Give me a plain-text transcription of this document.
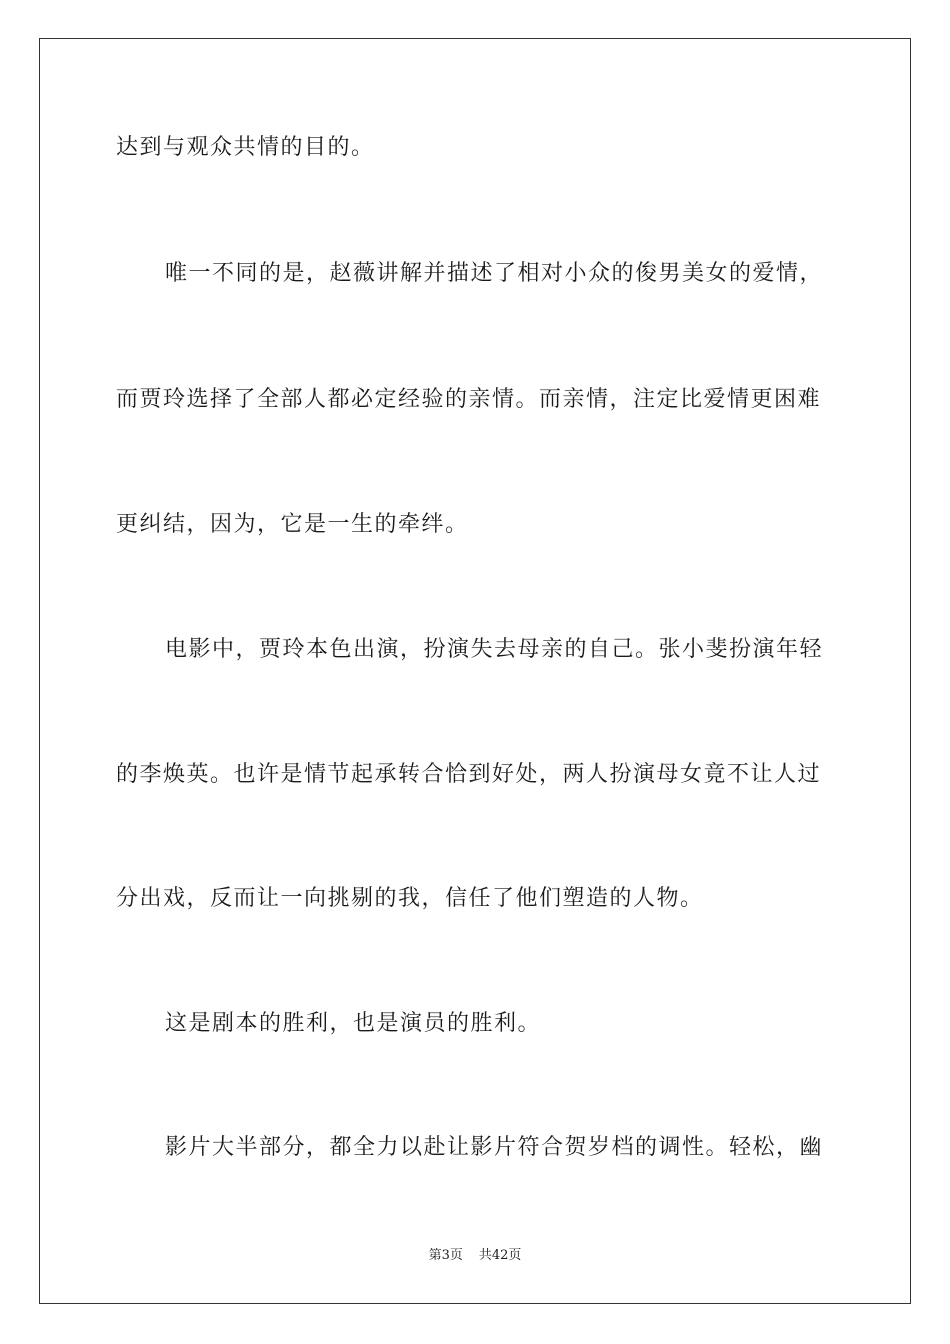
达到与观众共情的目的。

唯一不同的是，赵薇讲解并描述了相对小众的俊男美女的爱情，

而贾玲选择了全部人都必定经验的亲情。而亲情，注定比爱情更困难

更纠结，因为，它是一生的牵绊。

电影中，贾玲本色出演，扮演失去母亲的自己。张小斐扮演年轻

的李焕英。也许是情节起承转合恰到好处，两人扮演母女竟不让人过

分出戏，反而让一向挑剔的我，信任了他们塑造的人物。

这是剧本的胜利，也是演员的胜利。

影片大半部分，都全力以赴让影片符合贺岁档的调性。轻松，幽

第3页 共42页
